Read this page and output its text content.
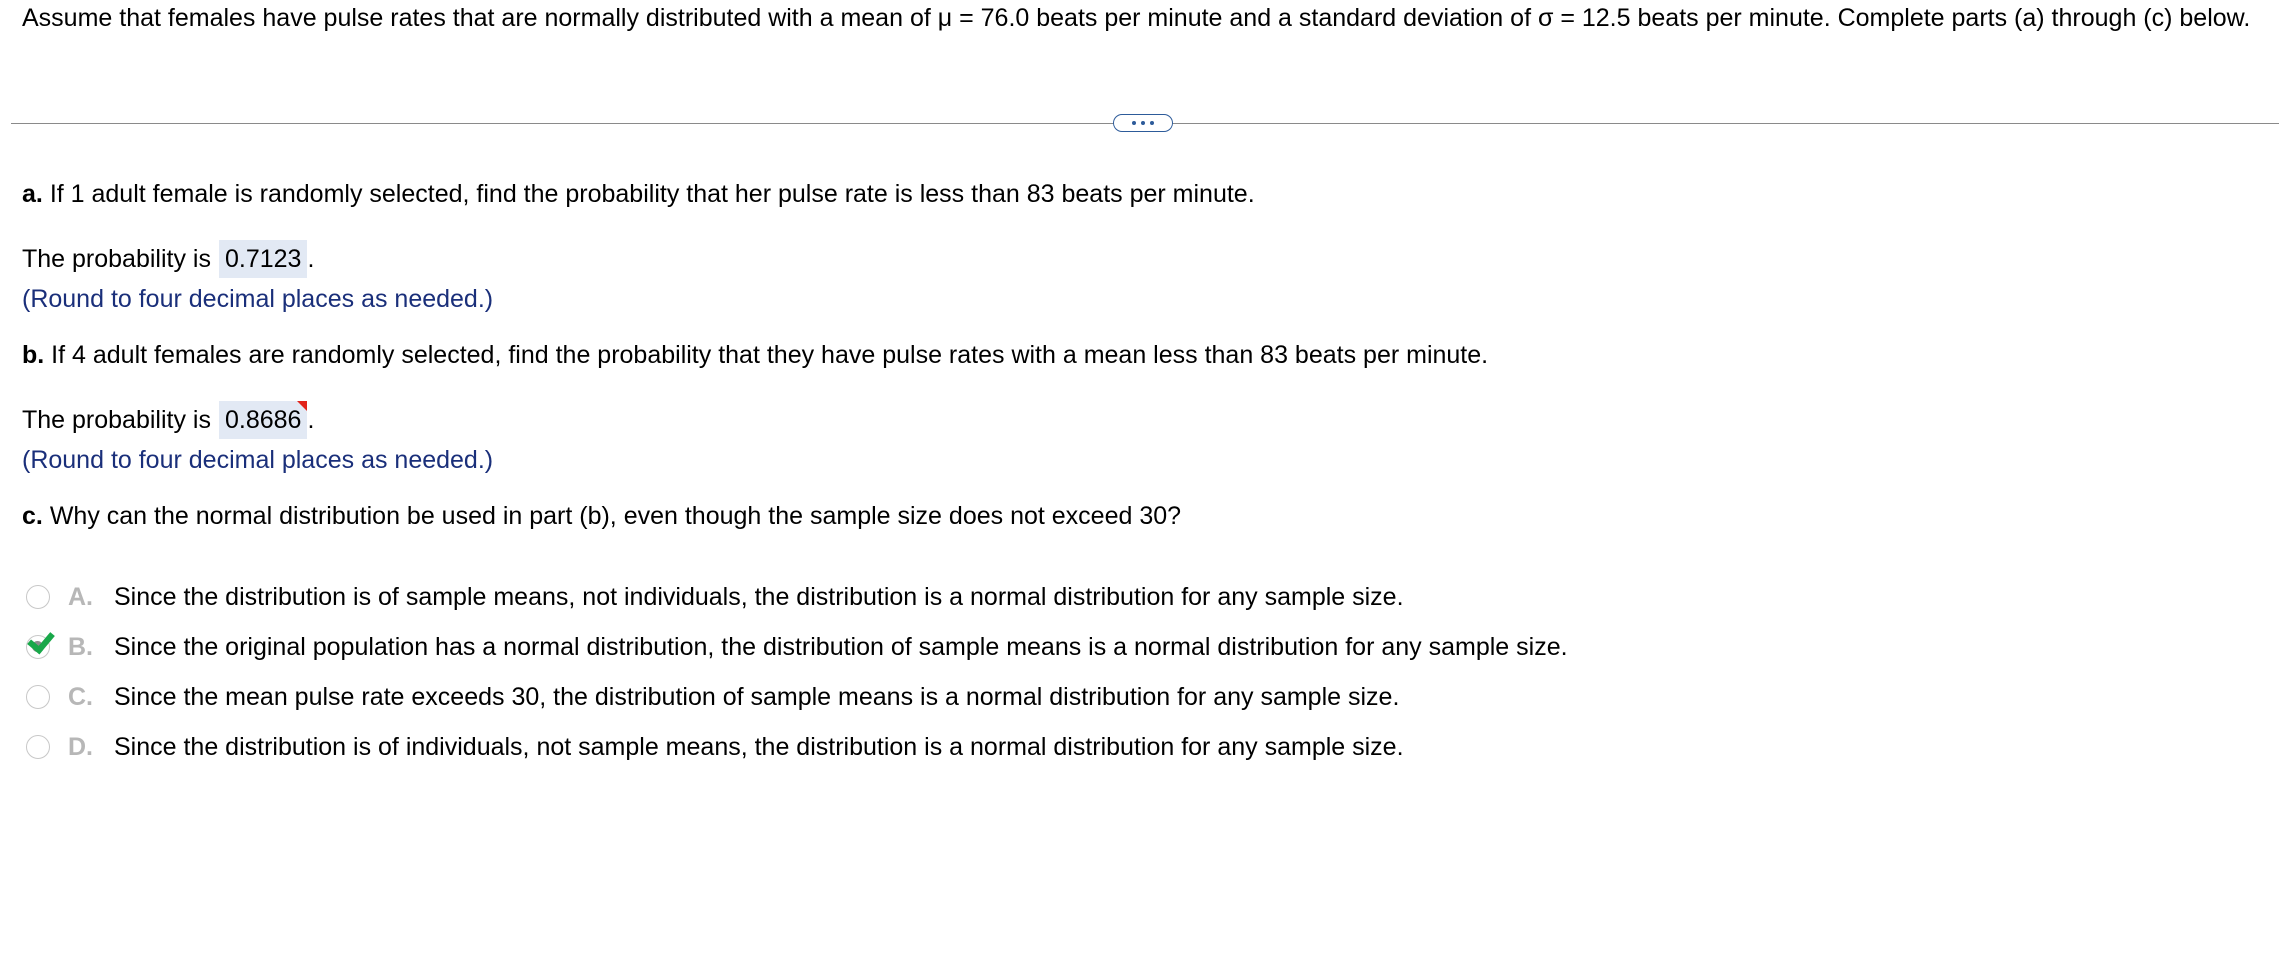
Assume that females have pulse rates that are normally distributed with a mean of μ = 76.0 beats per minute and a standard deviation of σ = 12.5 beats per minute. Complete parts (a) through (c) below.

a. If 1 adult female is randomly selected, find the probability that her pulse rate is less than 83 beats per minute.

The probability is 0.7123 .

(Round to four decimal places as needed.)

b. If 4 adult females are randomly selected, find the probability that they have pulse rates with a mean less than 83 beats per minute.

The probability is 0.8686 .

(Round to four decimal places as needed.)

c. Why can the normal distribution be used in part (b), even though the sample size does not exceed 30?

A. Since the distribution is of sample means, not individuals, the distribution is a normal distribution for any sample size.
B. Since the original population has a normal distribution, the distribution of sample means is a normal distribution for any sample size.
C. Since the mean pulse rate exceeds 30, the distribution of sample means is a normal distribution for any sample size.
D. Since the distribution is of individuals, not sample means, the distribution is a normal distribution for any sample size.
